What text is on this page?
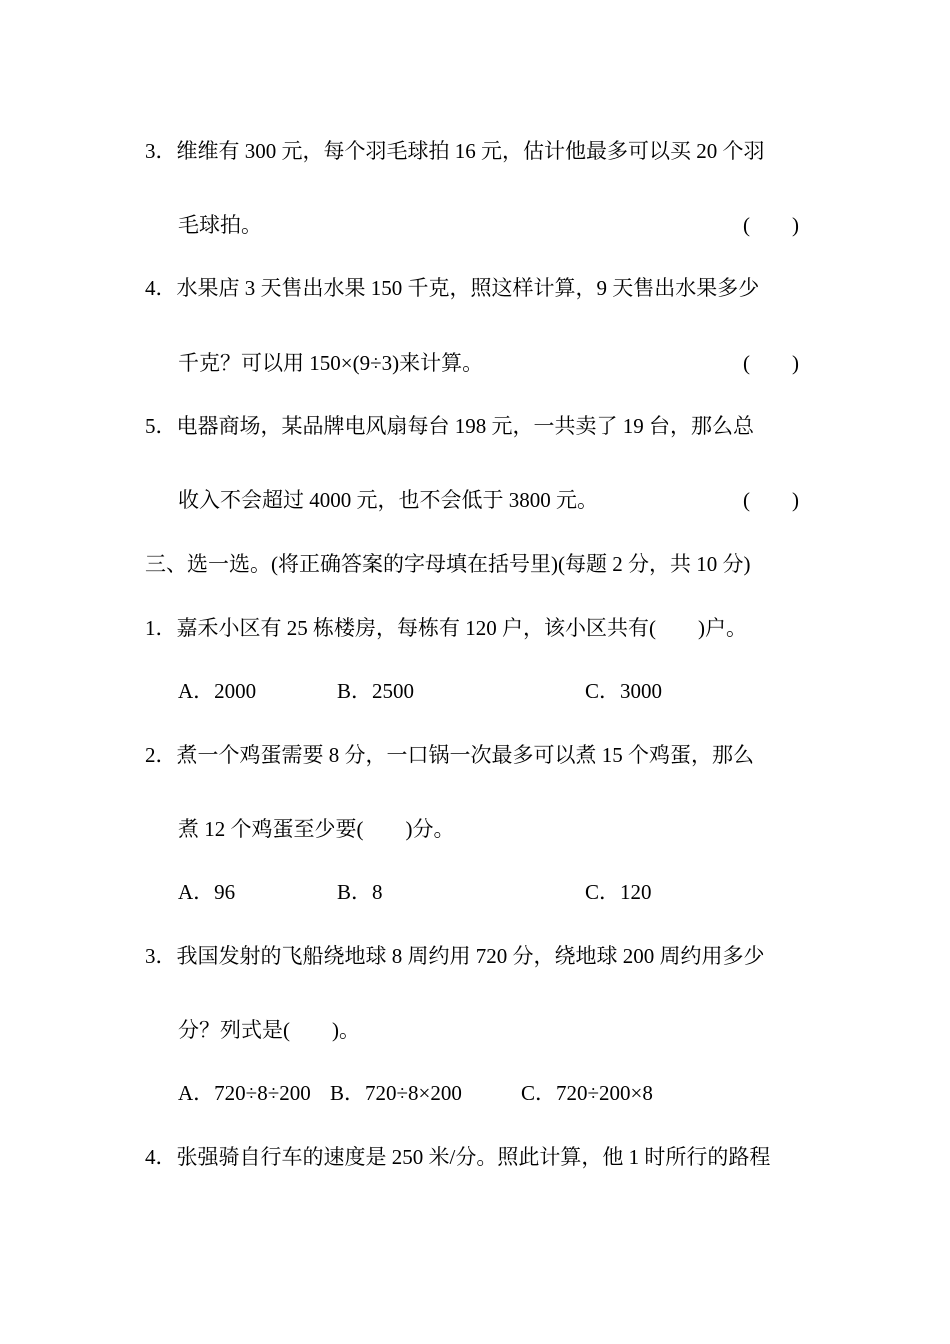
3．维维有 300 元，每个羽毛球拍 16 元，估计他最多可以买 20 个羽
毛球拍。	(　　)
4．水果店 3 天售出水果 150 千克，照这样计算，9 天售出水果多少
千克？可以用 150×(9÷3)来计算。	(　　)
5．电器商场，某品牌电风扇每台 198 元，一共卖了 19 台，那么总
收入不会超过 4000 元，也不会低于 3800 元。	(　　)
三、选一选。(将正确答案的字母填在括号里)(每题 2 分，共 10 分)
1．嘉禾小区有 25 栋楼房，每栋有 120 户，该小区共有(　　)户。
A．2000	B．2500	C．3000
2．煮一个鸡蛋需要 8 分，一口锅一次最多可以煮 15 个鸡蛋，那么
煮 12 个鸡蛋至少要(　　)分。
A．96	B．8	C．120
3．我国发射的飞船绕地球 8 周约用 720 分，绕地球 200 周约用多少
分？列式是(　　)。
A．720÷8÷200 B．720÷8×200	C．720÷200×8
4．张强骑自行车的速度是 250 米/分。照此计算，他 1 时所行的路程
